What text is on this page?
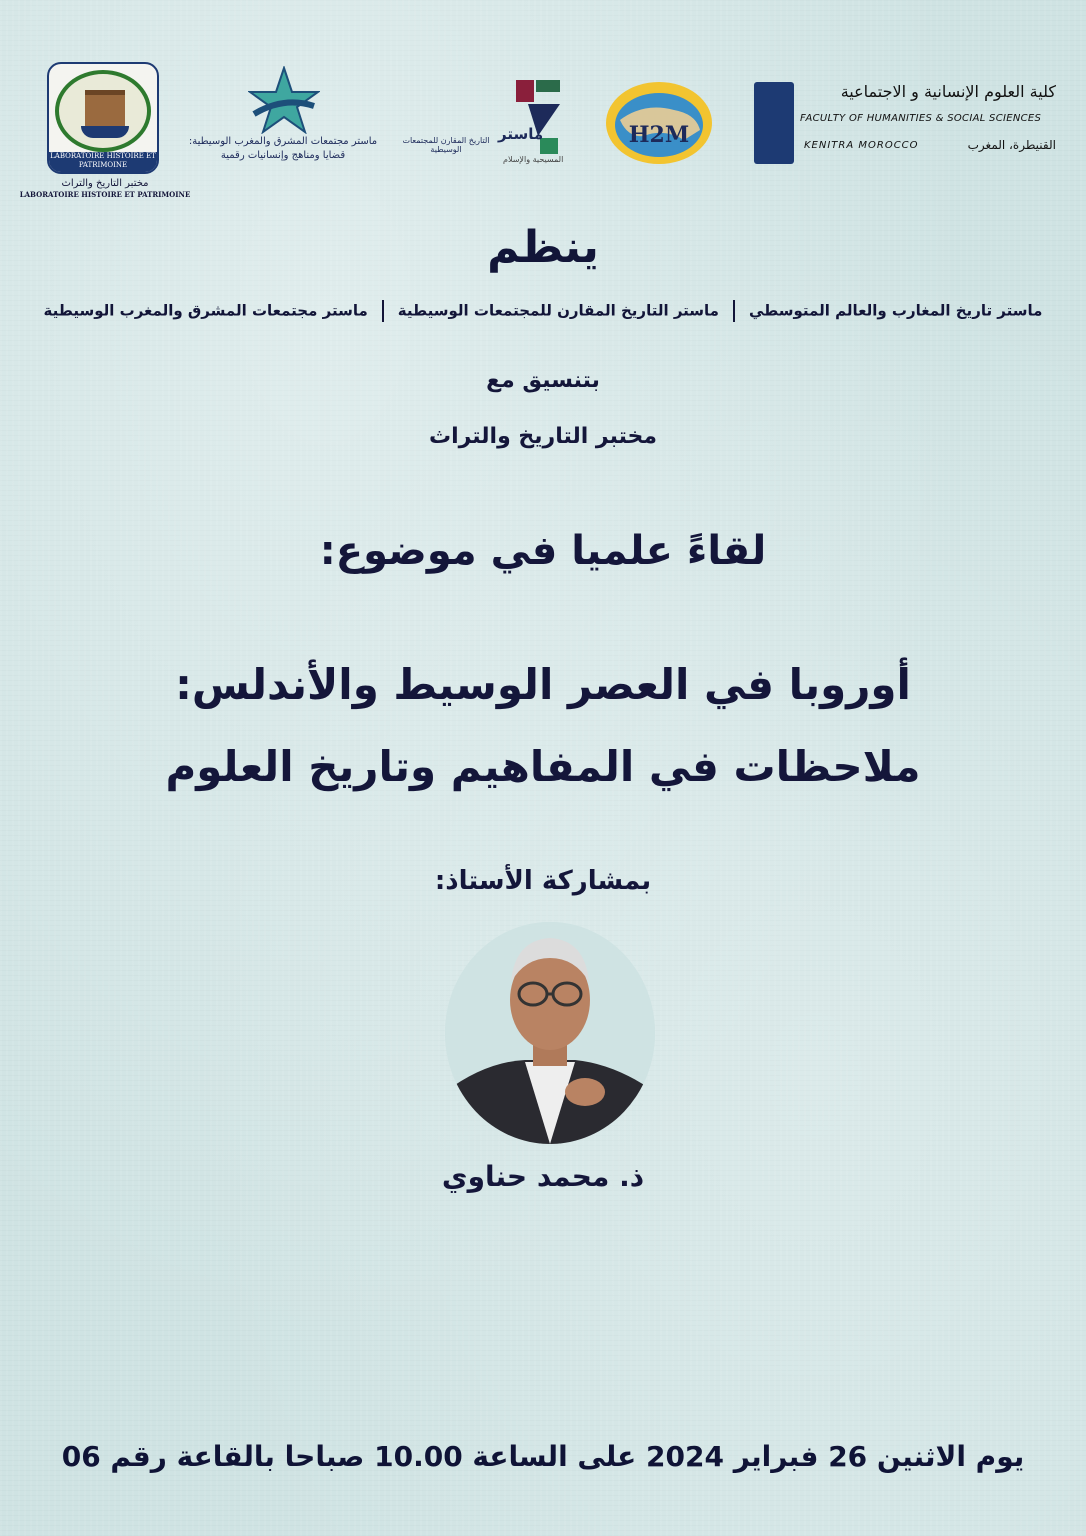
LABORATOIRE HISTOIRE ET PATRIMOINE
مختبر التاريخ والتراث
LABORATOIRE HISTOIRE ET PATRIMOINE
ماستر مجتمعات المشرق والمغرب الوسيطية:
قضايا ومناهج وإنسانيات رقمية
ماستر
التاريخ المقارن للمجتمعات الوسيطية
المسيحية والإسلام
H2M
كلية العلوم الإنسانية و الاجتماعية
FACULTY OF HUMANITIES & SOCIAL SCIENCES
KENITRA MOROCCO	القنيطرة، المغرب
ينظم
ماستر تاريخ المغارب والعالم المتوسطيماستر التاريخ المقارن للمجتمعات الوسيطيةماستر مجتمعات المشرق والمغرب الوسيطية
بتنسيق مع
مختبر التاريخ والتراث
لقاءً علميا في موضوع:
أوروبا في العصر الوسيط والأندلس:
ملاحظات في المفاهيم وتاريخ العلوم
بمشاركة الأستاذ:
ذ. محمد حناوي
يوم الاثنين 26 فبراير 2024 على الساعة 10.00 صباحا بالقاعة رقم 06
